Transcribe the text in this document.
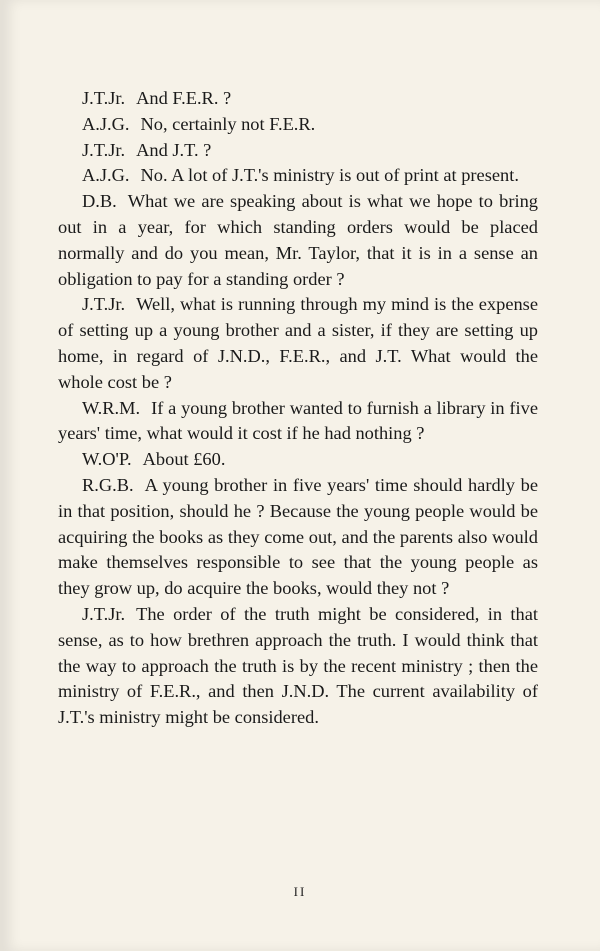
J.T.Jr. And F.E.R. ?

A.J.G. No, certainly not F.E.R.

J.T.Jr. And J.T. ?

A.J.G. No. A lot of J.T.'s ministry is out of print at present.

D.B. What we are speaking about is what we hope to bring out in a year, for which standing orders would be placed normally and do you mean, Mr. Taylor, that it is in a sense an obligation to pay for a standing order ?

J.T.Jr. Well, what is running through my mind is the expense of setting up a young brother and a sister, if they are setting up home, in regard of J.N.D., F.E.R., and J.T. What would the whole cost be ?

W.R.M. If a young brother wanted to furnish a library in five years' time, what would it cost if he had nothing ?

W.O'P. About £60.

R.G.B. A young brother in five years' time should hardly be in that position, should he ? Because the young people would be acquiring the books as they come out, and the parents also would make themselves responsible to see that the young people as they grow up, do acquire the books, would they not ?

J.T.Jr. The order of the truth might be considered, in that sense, as to how brethren approach the truth. I would think that the way to approach the truth is by the recent ministry ; then the ministry of F.E.R., and then J.N.D. The current availability of J.T.'s ministry might be considered.

II
